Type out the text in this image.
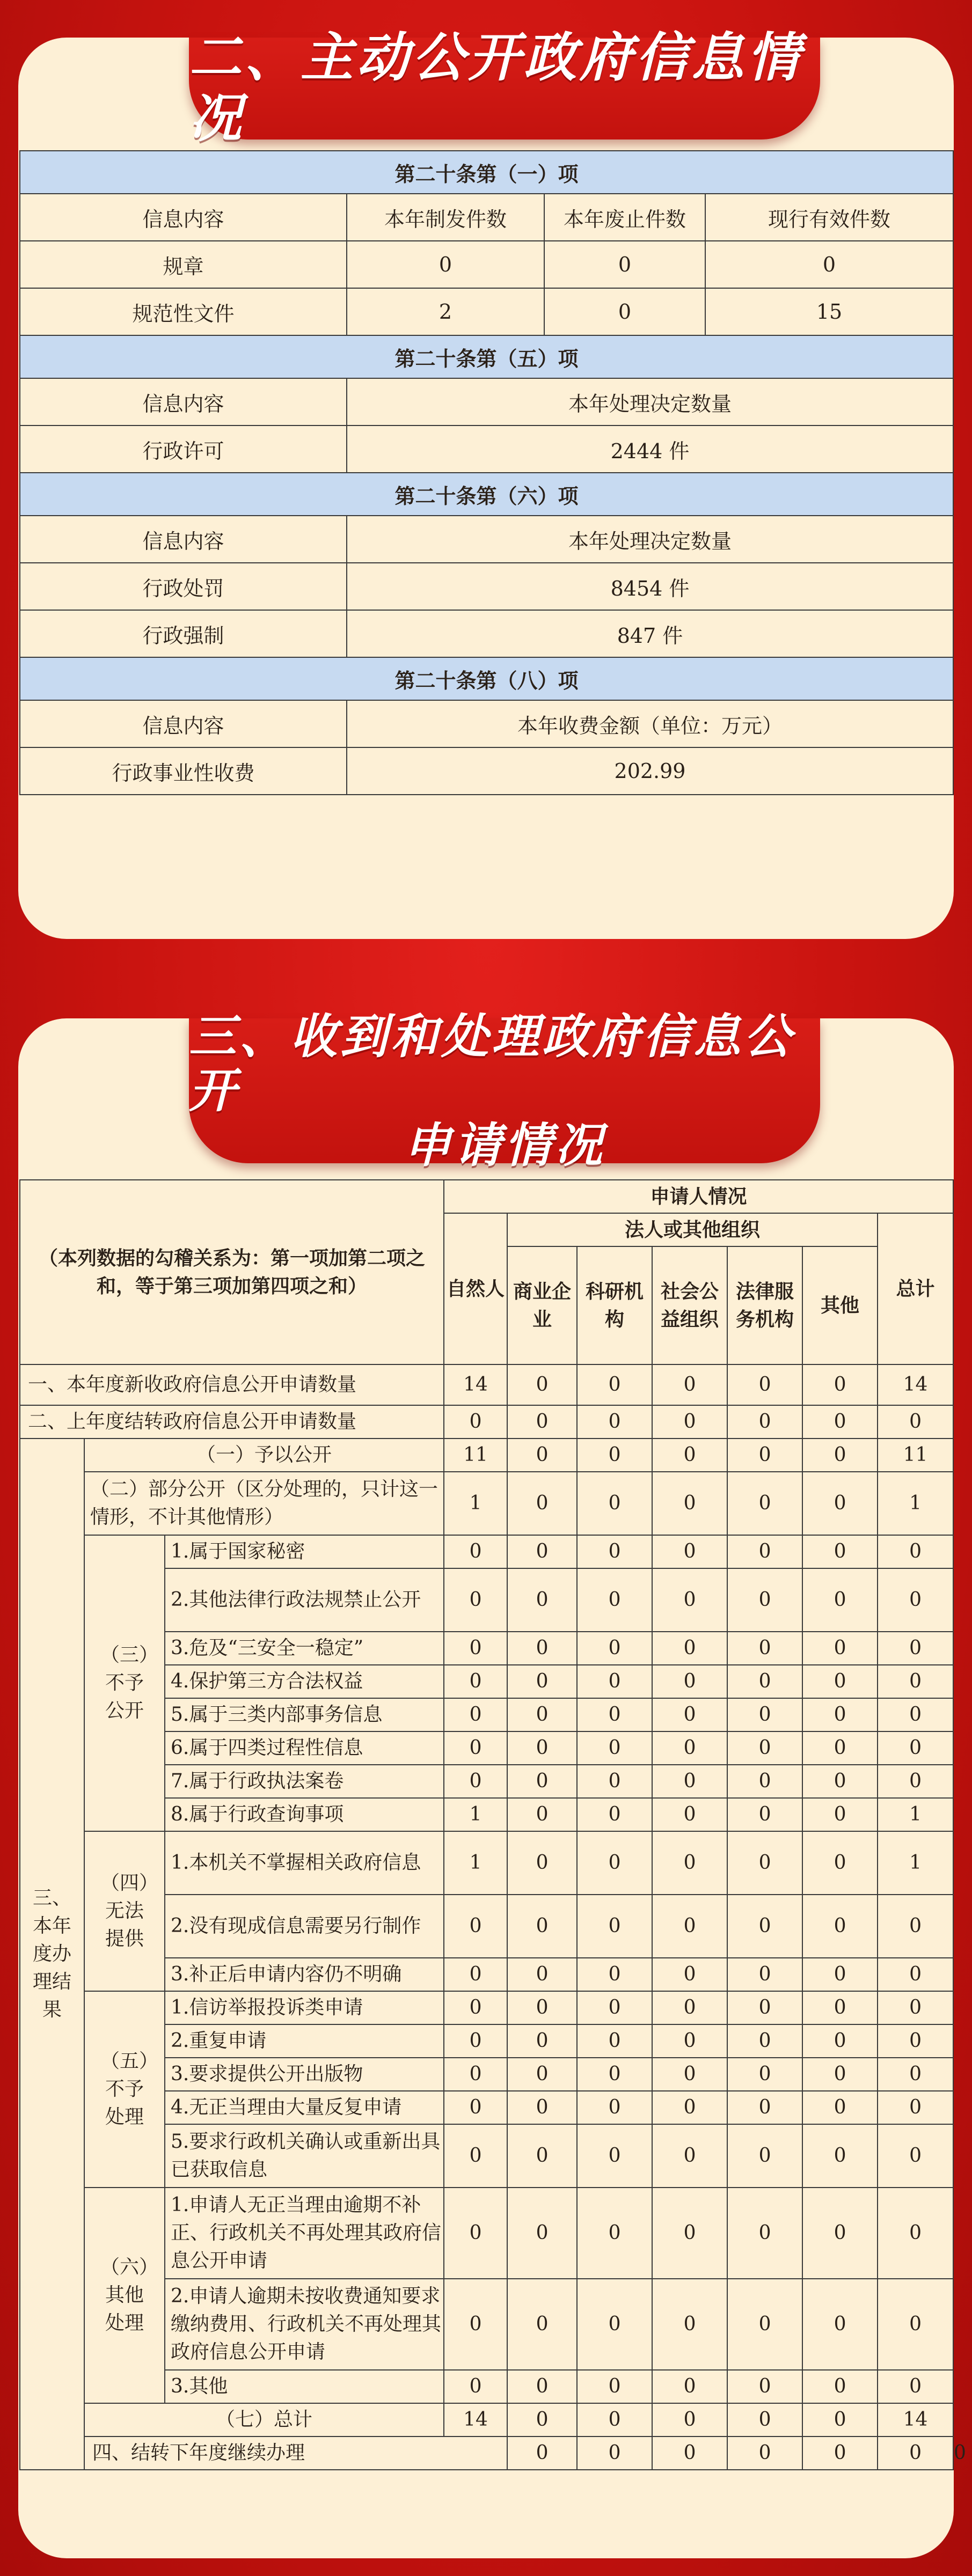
二、主动公开政府信息情况
第二十条第（一）项			
信息内容	本年制发件数	本年废止件数	现行有效件数
规章	0	0	0
规范性文件	2	0	15
第二十条第（五）项			
信息内容	本年处理决定数量		
行政许可	2444 件		
第二十条第（六）项			
信息内容	本年处理决定数量		
行政处罚	8454 件		
行政强制	847 件		
第二十条第（八）项			
信息内容	本年收费金额（单位：万元）		
行政事业性收费	202.99		
三、收到和处理政府信息公开
申请情况
（本列数据的勾稽关系为：第一项加第二项之和，等于第三项加第四项之和）			申请人情况							
			自然人	法人或其他组织					总计	
				商业企业	科研机构	社会公益组织	法律服务机构	其他		
一、本年度新收政府信息公开申请数量			14	0	0	0	0	0	14	
二、上年度结转政府信息公开申请数量			0	0	0	0	0	0	0	
三、本年度办理结果	（一）予以公开		11	0	0	0	0	0	11	
	（二）部分公开（区分处理的，只计这一情形，不计其他情形）		1	0	0	0	0	0	1	
	（三）不予公开	1.属于国家秘密	0	0	0	0	0	0	0	
		2.其他法律行政法规禁止公开	0	0	0	0	0	0	0	
		3.危及“三安全一稳定”	0	0	0	0	0	0	0	
		4.保护第三方合法权益	0	0	0	0	0	0	0	
		5.属于三类内部事务信息	0	0	0	0	0	0	0	
		6.属于四类过程性信息	0	0	0	0	0	0	0	
		7.属于行政执法案卷	0	0	0	0	0	0	0	
		8.属于行政查询事项	1	0	0	0	0	0	1	
	（四）无法提供	1.本机关不掌握相关政府信息	1	0	0	0	0	0	1	
		2.没有现成信息需要另行制作	0	0	0	0	0	0	0	
		3.补正后申请内容仍不明确	0	0	0	0	0	0	0	
	（五）不予处理	1.信访举报投诉类申请	0	0	0	0	0	0	0	
		2.重复申请	0	0	0	0	0	0	0	
		3.要求提供公开出版物	0	0	0	0	0	0	0	
		4.无正当理由大量反复申请	0	0	0	0	0	0	0	
		5.要求行政机关确认或重新出具已获取信息	0	0	0	0	0	0	0	
	（六）其他处理	1.申请人无正当理由逾期不补正、行政机关不再处理其政府信息公开申请	0	0	0	0	0	0	0	
		2.申请人逾期未按收费通知要求缴纳费用、行政机关不再处理其政府信息公开申请	0	0	0	0	0	0	0	
		3.其他	0	0	0	0	0	0	0	
	（七）总计		14	0	0	0	0	0	14	
	四、结转下年度继续办理			0	0	0	0	0	0	0
